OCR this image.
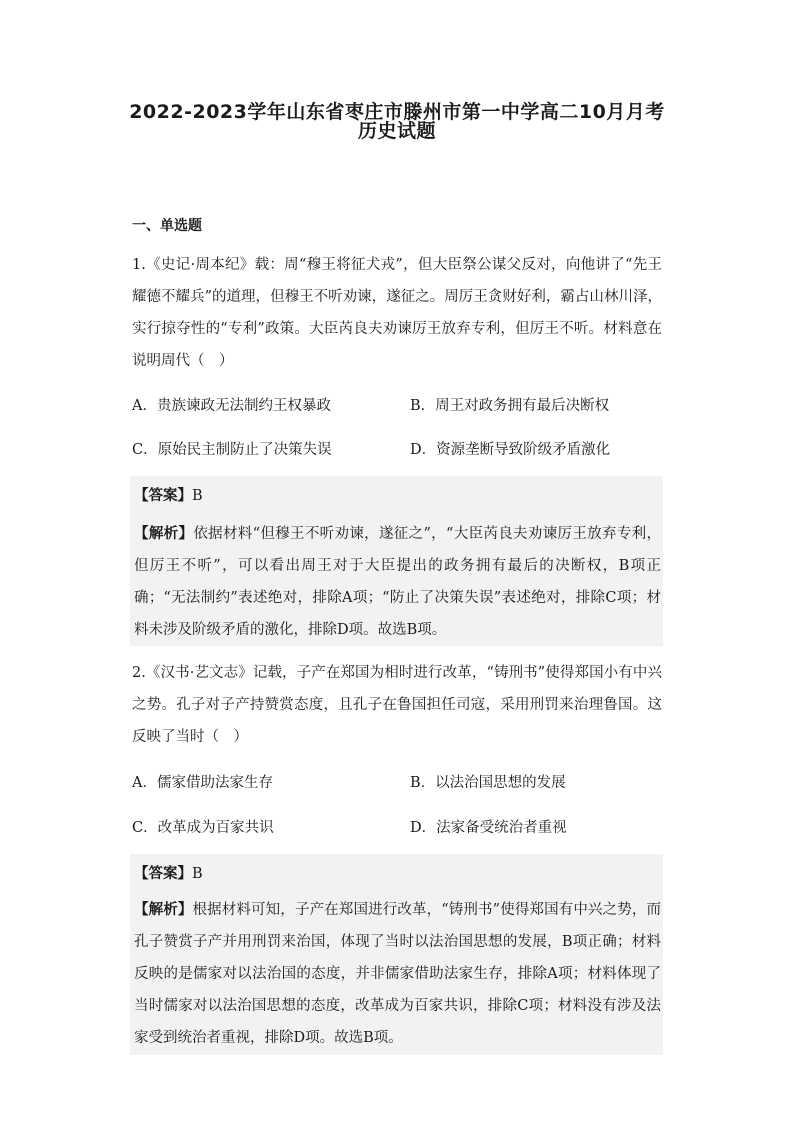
2022-2023学年山东省枣庄市滕州市第一中学高二10月月考
历史试题
一、单选题
1.《史记·周本纪》载：周“穆王将征犬戎”，但大臣祭公谋父反对，向他讲了“先王耀德不耀兵”的道理，但穆王不听劝谏，遂征之。周厉王贪财好利，霸占山林川泽，实行掠夺性的“专利”政策。大臣芮良夫劝谏厉王放弃专利，但厉王不听。材料意在说明周代（　）
A．贵族谏政无法制约王权暴政	B．周王对政务拥有最后决断权
C．原始民主制防止了决策失误	D．资源垄断导致阶级矛盾激化
【答案】B
【解析】依据材料“但穆王不听劝谏，遂征之”，“大臣芮良夫劝谏厉王放弃专利，但厉王不听”，可以看出周王对于大臣提出的政务拥有最后的决断权，B项正确；“无法制约”表述绝对，排除A项；“防止了决策失误”表述绝对，排除C项；材料未涉及阶级矛盾的激化，排除D项。故选B项。
2.《汉书·艺文志》记载，子产在郑国为相时进行改革，“铸刑书”使得郑国小有中兴之势。孔子对子产持赞赏态度，且孔子在鲁国担任司寇，采用刑罚来治理鲁国。这反映了当时（　）
A．儒家借助法家生存	B．以法治国思想的发展
C．改革成为百家共识	D．法家备受统治者重视
【答案】B
【解析】根据材料可知，子产在郑国进行改革，“铸刑书”使得郑国有中兴之势，而孔子赞赏子产并用刑罚来治国，体现了当时以法治国思想的发展，B项正确；材料反映的是儒家对以法治国的态度，并非儒家借助法家生存，排除A项；材料体现了当时儒家对以法治国思想的态度，改革成为百家共识，排除C项；材料没有涉及法家受到统治者重视，排除D项。故选B项。
